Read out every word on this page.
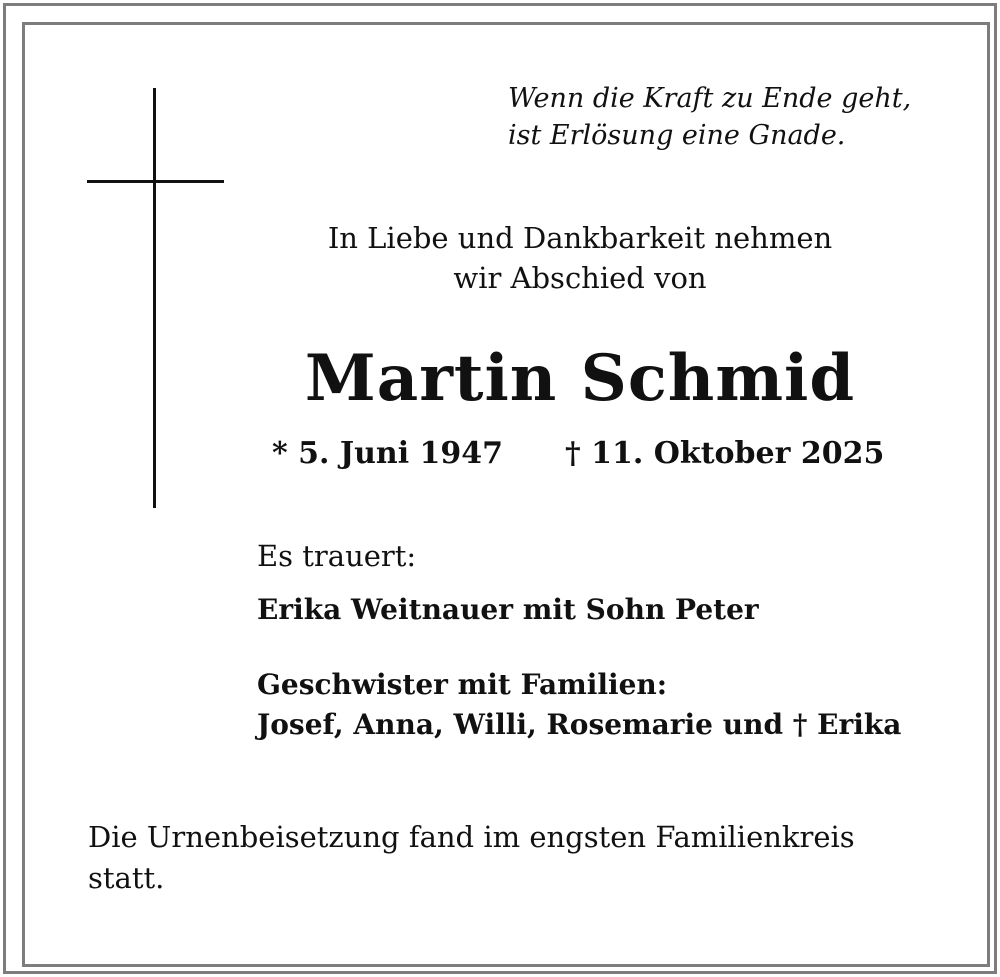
Wenn die Kraft zu Ende geht,
ist Erlösung eine Gnade.
In Liebe und Dankbarkeit nehmen
wir Abschied von
Martin Schmid
* 5. Juni 1947 † 11. Oktober 2025
Es trauert:
Erika Weitnauer mit Sohn Peter
Geschwister mit Familien:
Josef, Anna, Willi, Rosemarie und † Erika
Die Urnenbeisetzung fand im engsten Familienkreis
statt.
